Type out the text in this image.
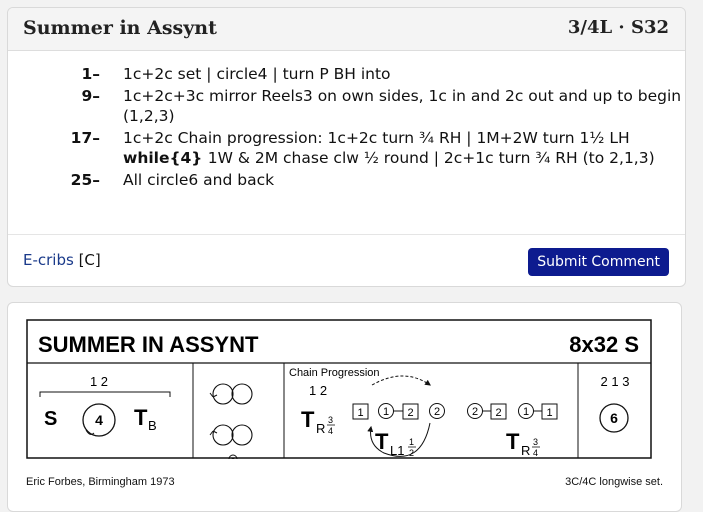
Summer in Assynt	3/4L · S32
1– 1c+2c set | circle4 | turn P BH into
9– 1c+2c+3c mirror Reels3 on own sides, 1c in and 2c out and up to begin
(1,2,3)
17– 1c+2c Chain progression: 1c+2c turn ¾ RH | 1M+2W turn 1½ LH
while{4} 1W & 2M chase clw ½ round | 2c+1c turn ¾ RH (to 2,1,3)
25– All circle6 and back
E-cribs [C]	Submit Comment
SUMMER IN ASSYNT	8x32 S
1 2
S	4 T B
Chain Progression
1 2
T R
3
4
1 1 2 2
T L1
1
2
2 2 1 1
T R
3
4
2 1 3
6
Eric Forbes, Birmingham 1973	3C/4C longwise set.
